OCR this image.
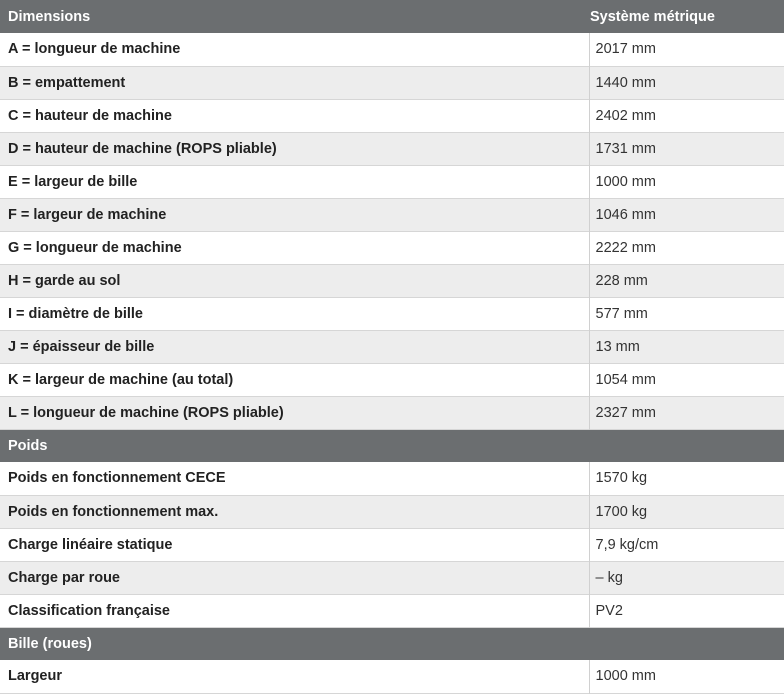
Dimensions	Système métrique
A = longueur de machine	2017 mm
B = empattement	1440 mm
C = hauteur de machine	2402 mm
D = hauteur de machine (ROPS pliable)	1731 mm
E = largeur de bille	1000 mm
F = largeur de machine	1046 mm
G = longueur de machine	2222 mm
H = garde au sol	228 mm
I = diamètre de bille	577 mm
J = épaisseur de bille	13 mm
K = largeur de machine (au total)	1054 mm
L = longueur de machine (ROPS pliable)	2327 mm
Poids	
Poids en fonctionnement CECE	1570 kg
Poids en fonctionnement max.	1700 kg
Charge linéaire statique	7,9 kg/cm
Charge par roue	– kg
Classification française	PV2
Bille (roues)	
Largeur	1000 mm
